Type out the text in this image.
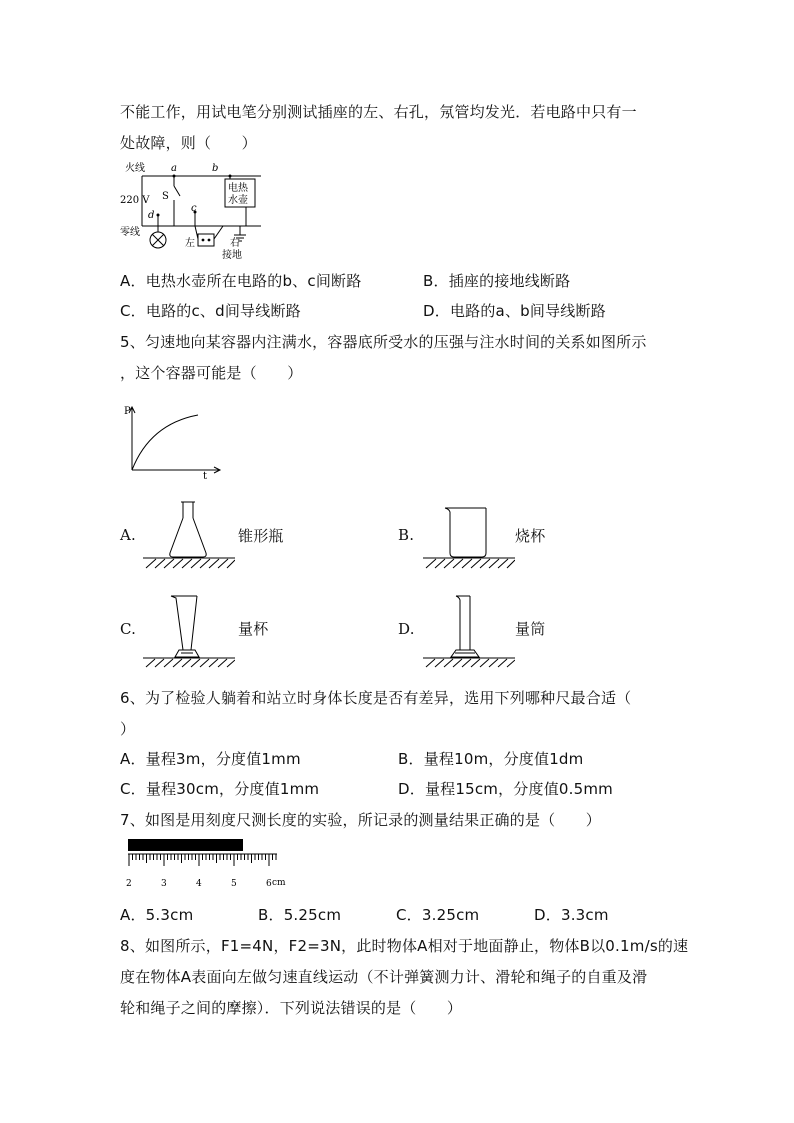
不能工作，用试电笔分别测试插座的左、右孔，氖管均发光．若电路中只有一
处故障，则（　　）
火线	a	b
220 V S
d
c
电热
水壶
零线
左	右
接地
A．电热水壶所在电路的b、c间断路	B．插座的接地线断路
C．电路的c、d间导线断路	D．电路的a、b间导线断路
5、匀速地向某容器内注满水，容器底所受水的压强与注水时间的关系如图所示
，这个容器可能是（　　）
P
t
A.	锥形瓶	B.	烧杯
C.	量杯	D.	量筒
6、为了检验人躺着和站立时身体长度是否有差异，选用下列哪种尺最合适（
）
A．量程3m，分度值1mm	B．量程10m，分度值1dm
C．量程30cm，分度值1mm	D．量程15cm，分度值0.5mm
7、如图是用刻度尺测长度的实验，所记录的测量结果正确的是（　　）
2	3	4	5	6 cm
A．5.3cm	B．5.25cm	C．3.25cm	D．3.3cm
8、如图所示，F1=4N，F2=3N，此时物体A相对于地面静止，物体B以0.1m/s的速
度在物体A表面向左做匀速直线运动（不计弹簧测力计、滑轮和绳子的自重及滑
轮和绳子之间的摩擦）．下列说法错误的是（　　）
